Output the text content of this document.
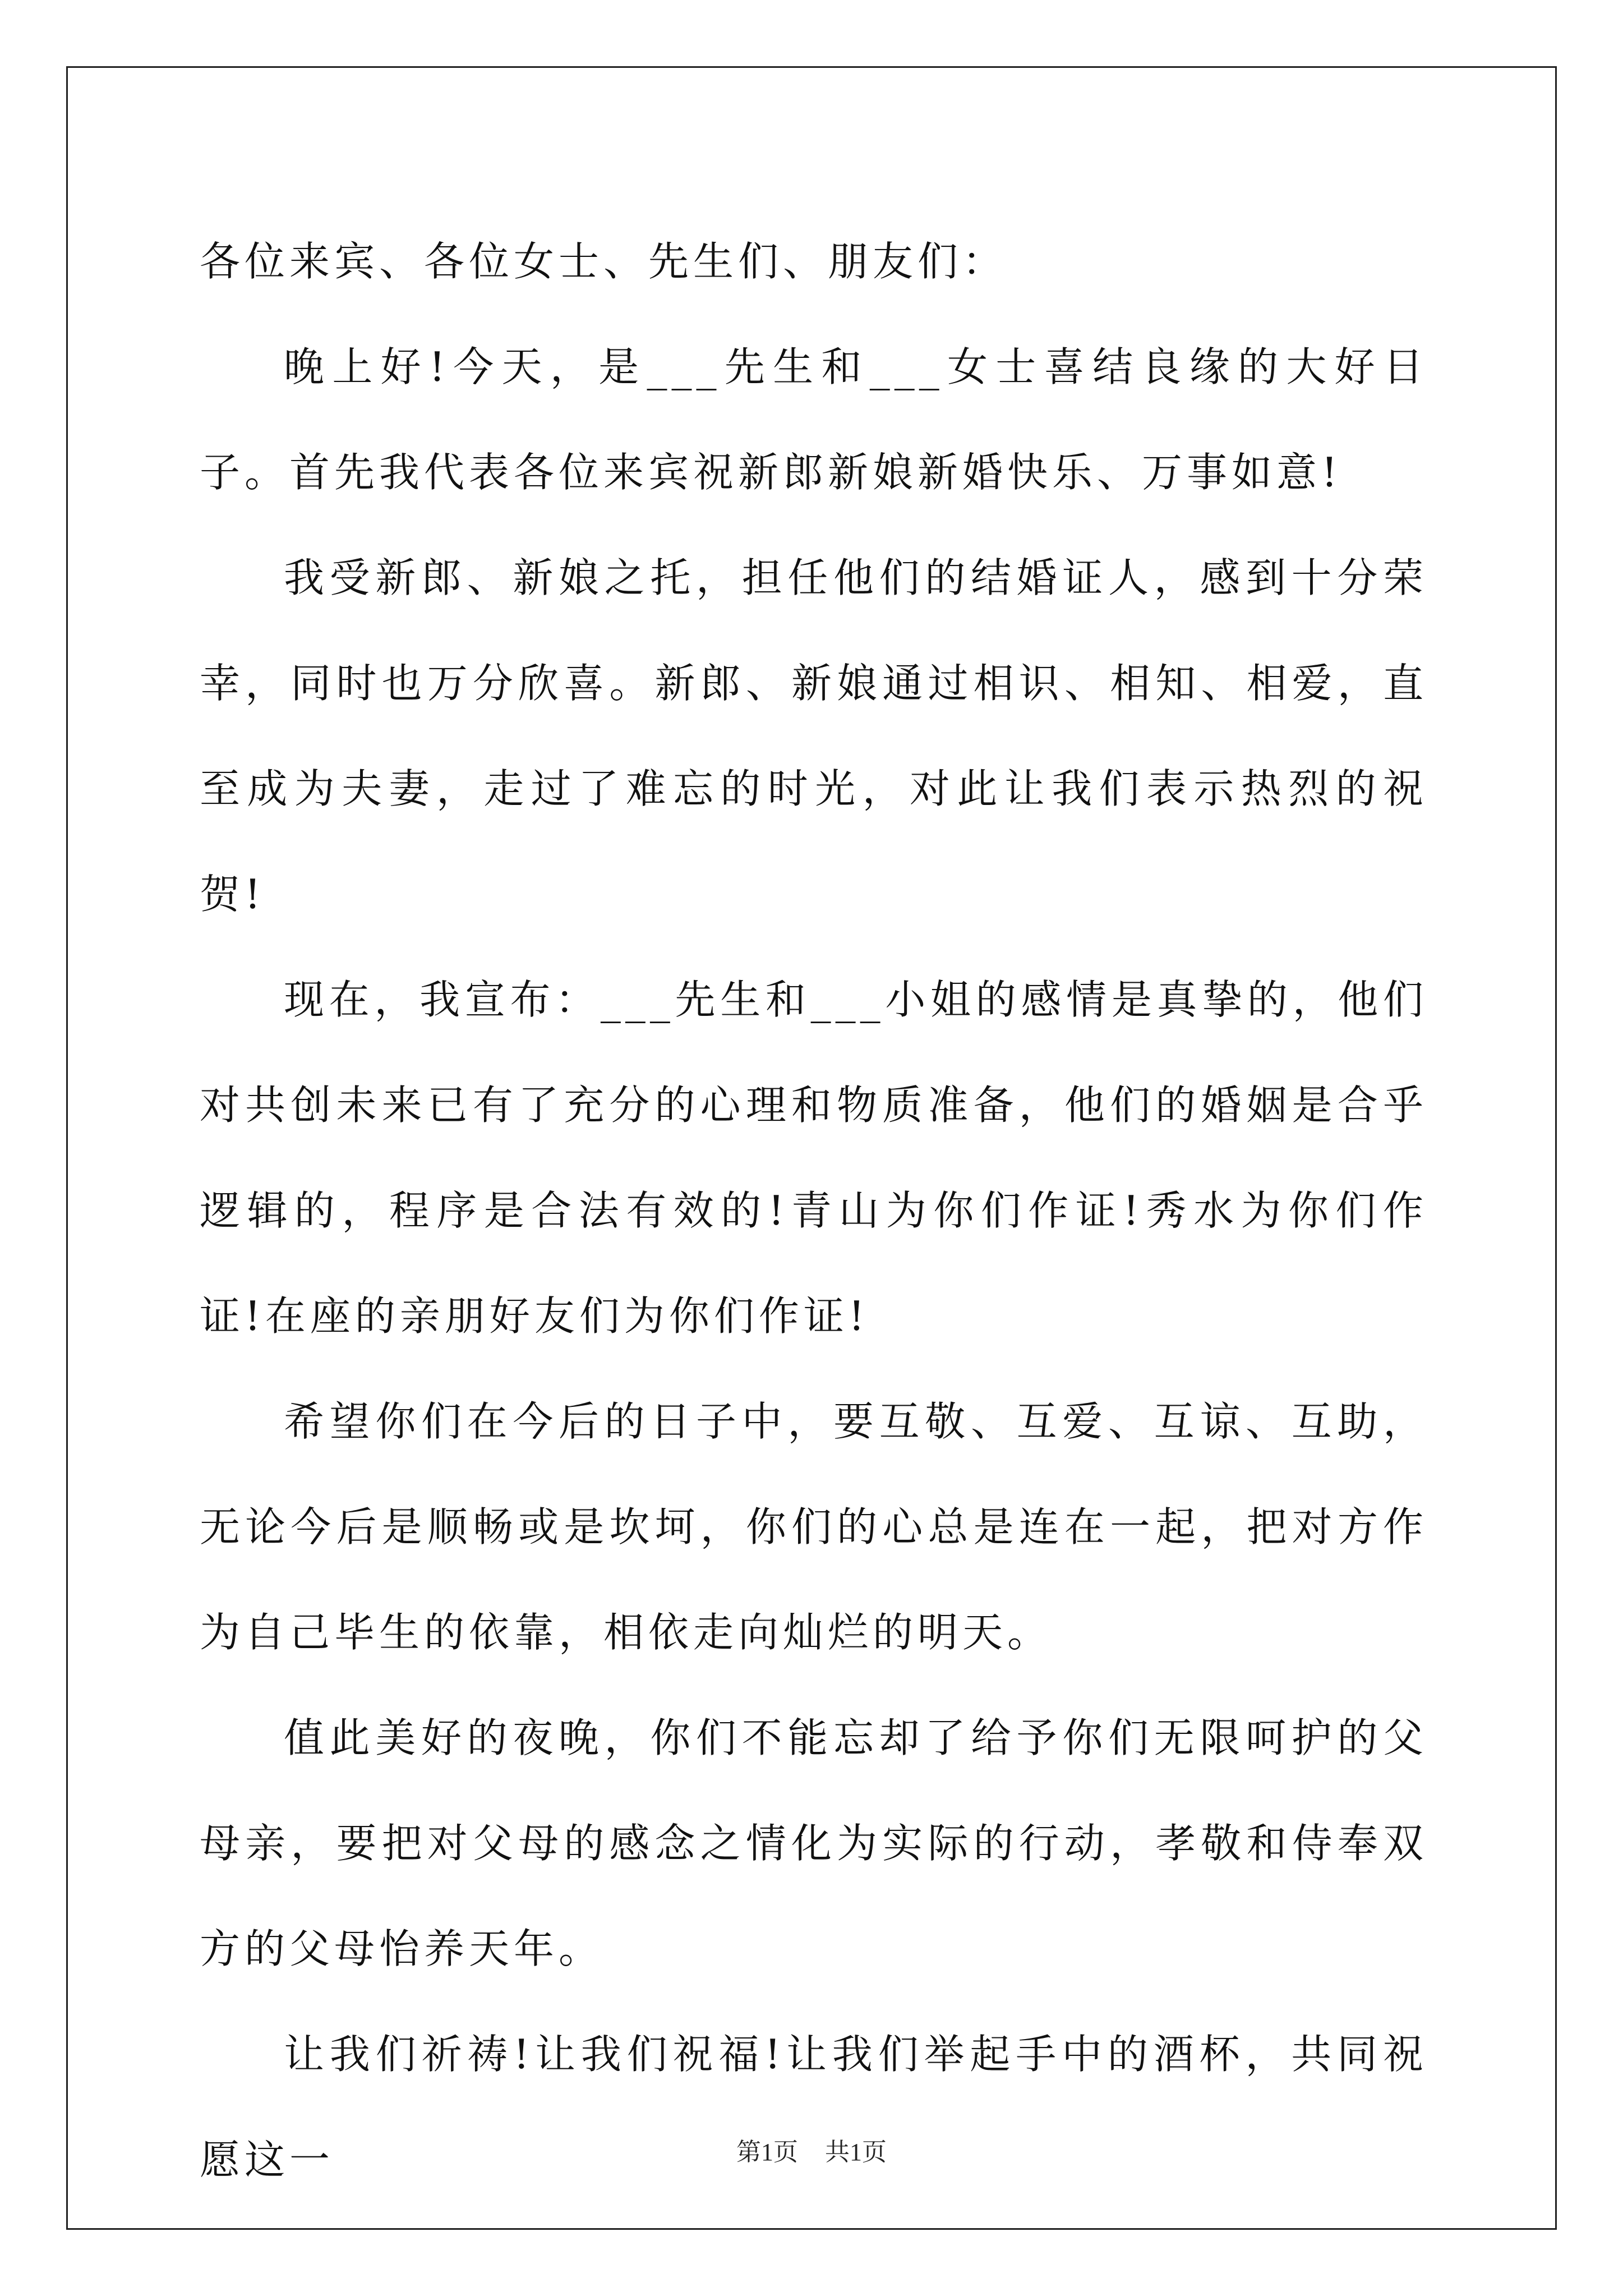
各位来宾、各位女士、先生们、朋友们：

晚上好!今天，是___先生和___女士喜结良缘的大好日子。首先我代表各位来宾祝新郎新娘新婚快乐、万事如意!

我受新郎、新娘之托，担任他们的结婚证人，感到十分荣幸，同时也万分欣喜。新郎、新娘通过相识、相知、相爱，直至成为夫妻，走过了难忘的时光，对此让我们表示热烈的祝贺!

现在，我宣布：___先生和___小姐的感情是真挚的，他们对共创未来已有了充分的心理和物质准备，他们的婚姻是合乎逻辑的，程序是合法有效的!青山为你们作证!秀水为你们作证!在座的亲朋好友们为你们作证!

希望你们在今后的日子中，要互敬、互爱、互谅、互助，无论今后是顺畅或是坎坷，你们的心总是连在一起，把对方作为自己毕生的依靠，相依走向灿烂的明天。

值此美好的夜晚，你们不能忘却了给予你们无限呵护的父母亲，要把对父母的感念之情化为实际的行动，孝敬和侍奉双方的父母怡养天年。

让我们祈祷!让我们祝福!让我们举起手中的酒杯，共同祝愿这一	第1页 共1页
